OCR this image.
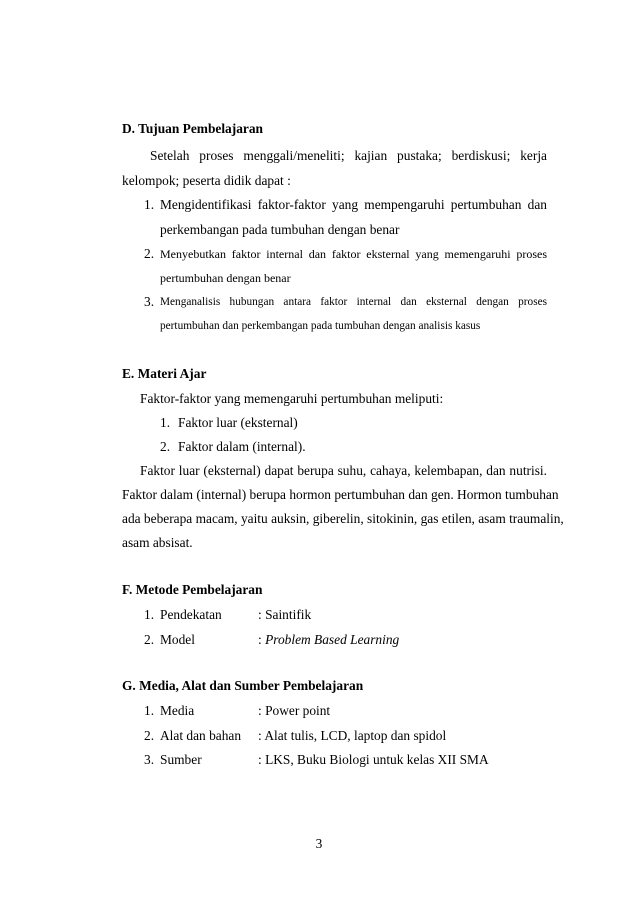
D. Tujuan Pembelajaran
Setelah proses menggali/meneliti; kajian pustaka; berdiskusi; kerja
kelompok; peserta didik dapat :
1. Mengidentifikasi faktor-faktor yang mempengaruhi pertumbuhan dan
perkembangan pada tumbuhan dengan benar
2. Menyebutkan faktor internal dan faktor eksternal yang memengaruhi proses
pertumbuhan dengan benar
3. Menganalisis hubungan antara faktor internal dan eksternal dengan proses
pertumbuhan dan perkembangan pada tumbuhan dengan analisis kasus
E. Materi Ajar
Faktor-faktor yang memengaruhi pertumbuhan meliputi:
1. Faktor luar (eksternal)
2. Faktor dalam (internal).
Faktor luar (eksternal) dapat berupa suhu, cahaya, kelembapan, dan nutrisi.
Faktor dalam (internal) berupa hormon pertumbuhan dan gen. Hormon tumbuhan
ada beberapa macam, yaitu auksin, giberelin, sitokinin, gas etilen, asam traumalin,
asam absisat.
F. Metode Pembelajaran
1. Pendekatan	: Saintifik
2. Model	: Problem Based Learning
G. Media, Alat dan Sumber Pembelajaran
1. Media	: Power point
2. Alat dan bahan : Alat tulis, LCD, laptop dan spidol
3. Sumber	: LKS, Buku Biologi untuk kelas XII SMA
3
